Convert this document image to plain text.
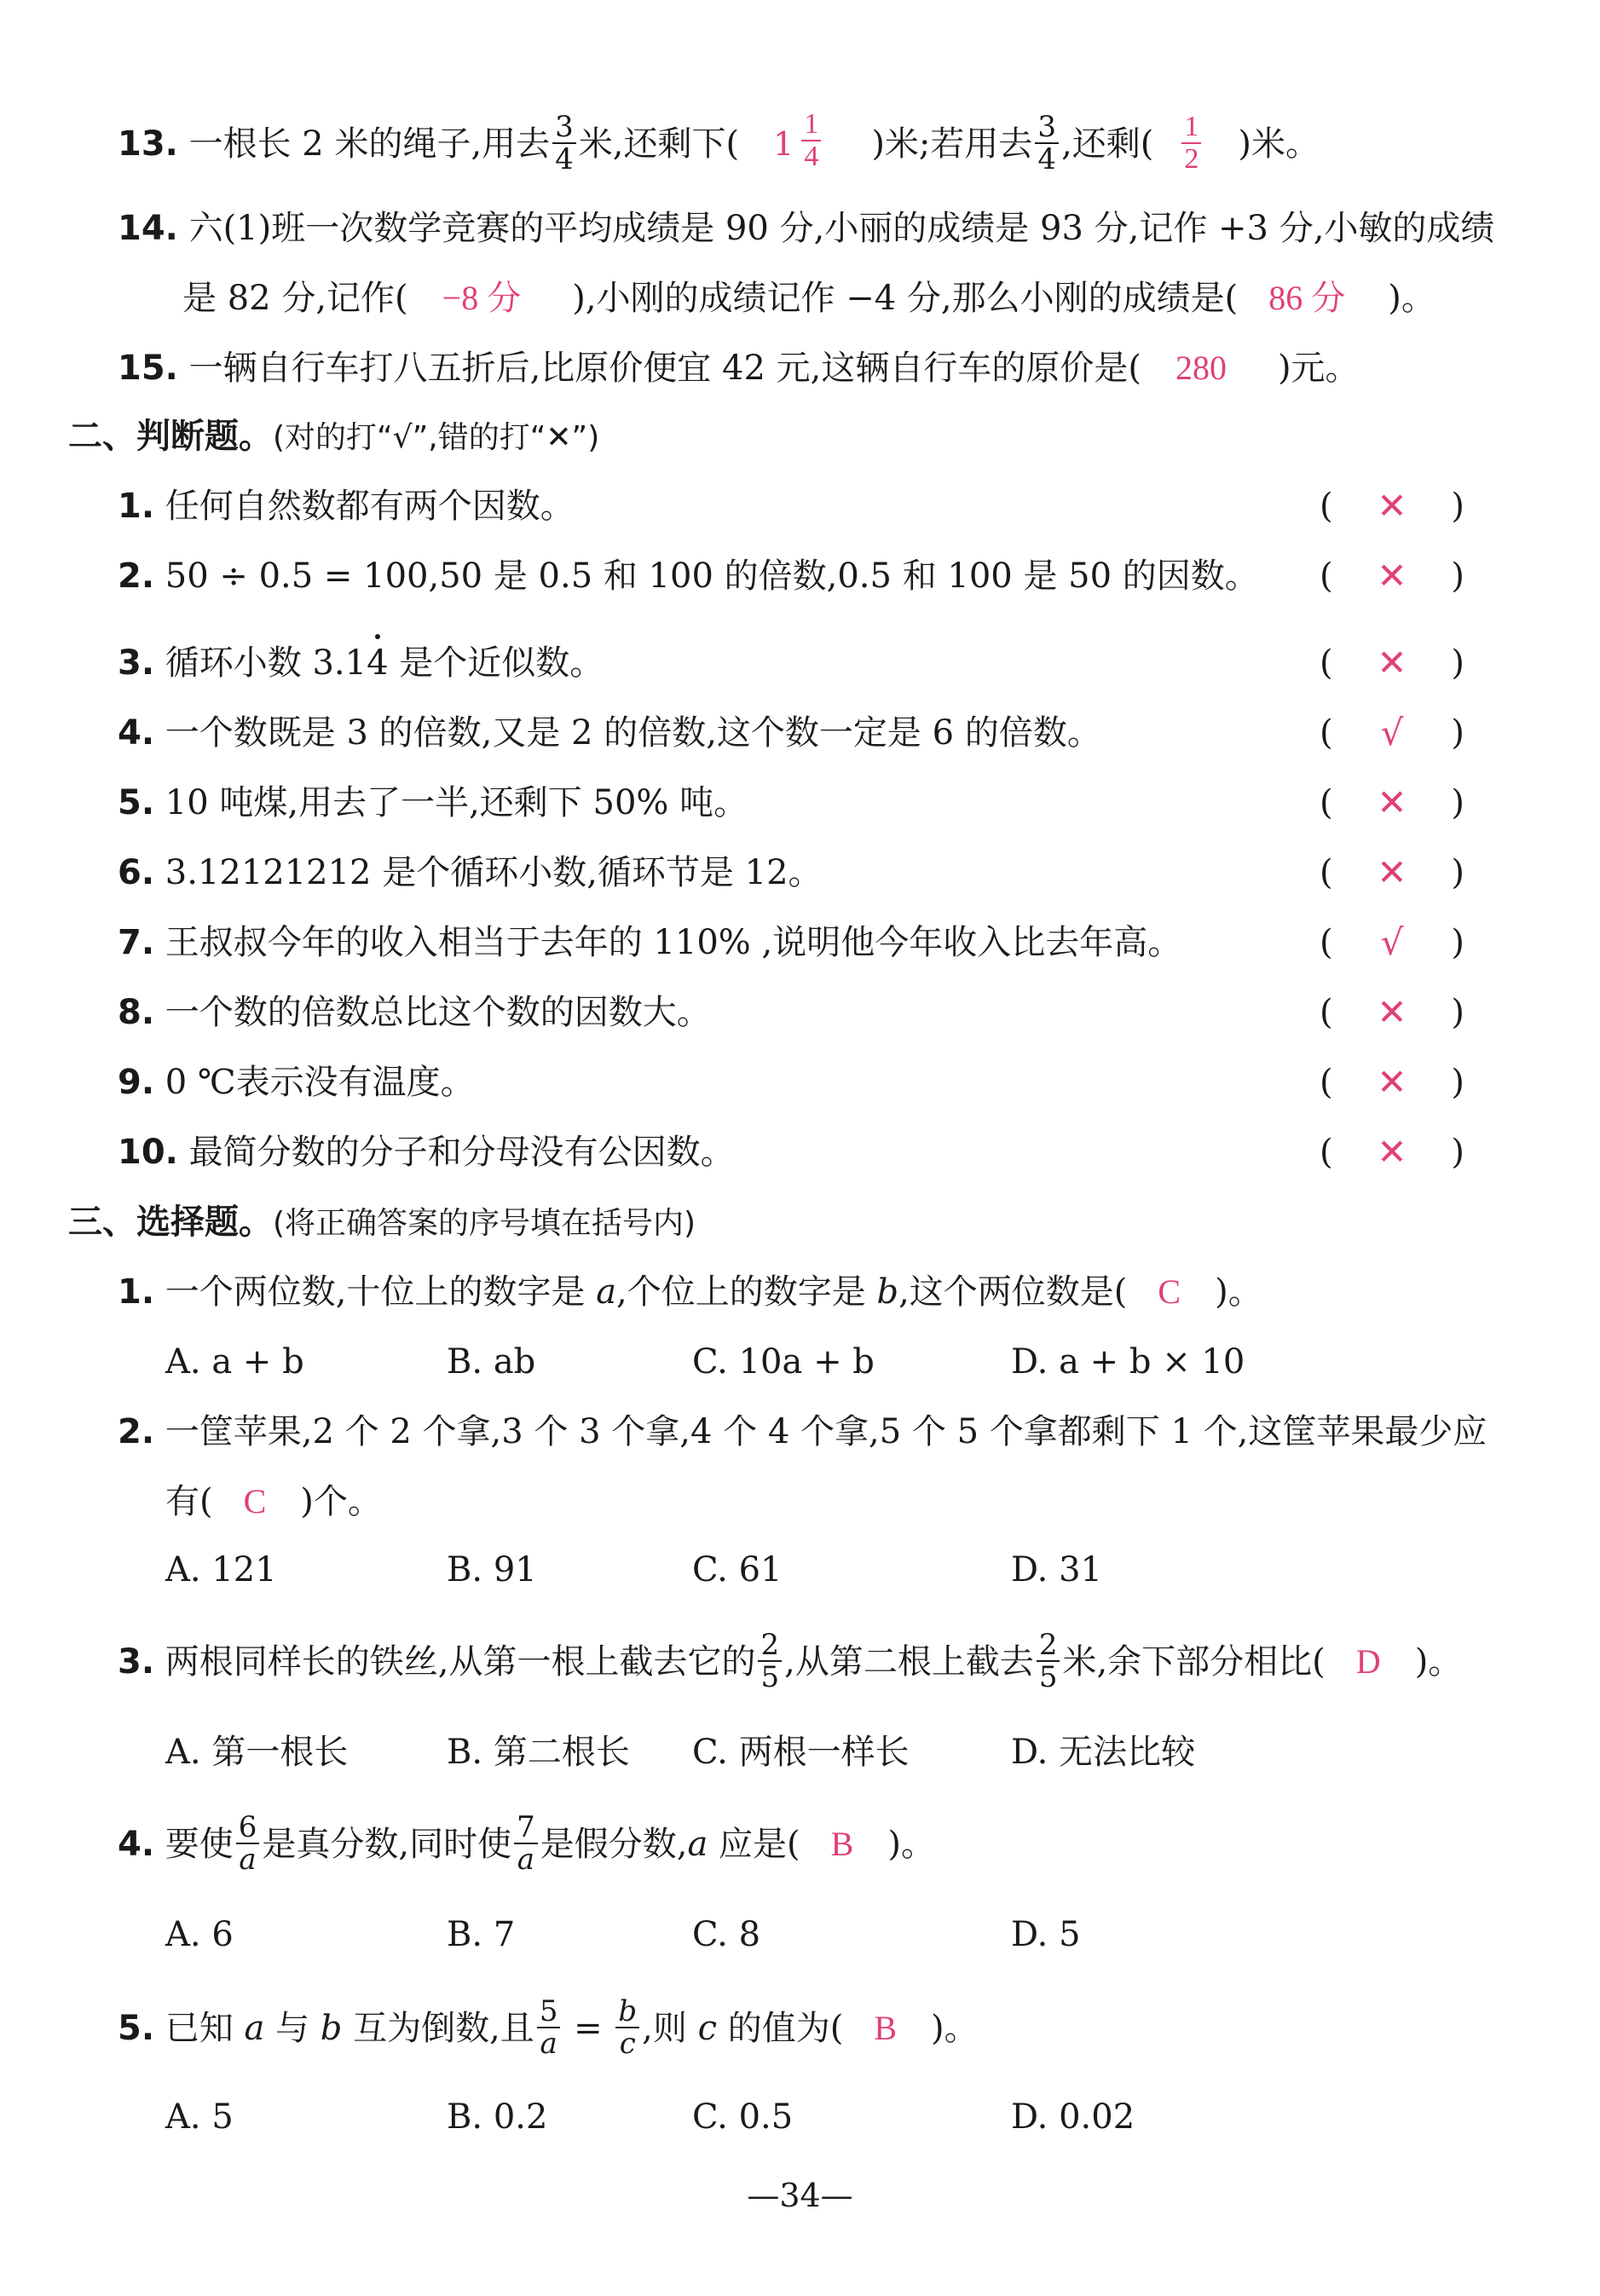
13. 一根长 2 米的绳子,用去 $\frac{3}{4}$ 米,还剩下( $1 \frac{1}{4}$ )米;若用去 $\frac{3}{4}$ ,还剩( $\frac{1}{2}$ )米。
14. 六(1)班一次数学竞赛的平均成绩是 90 分,小丽的成绩是 93 分,记作 +3 分,小敏的成绩
是 82 分,记作( −8 分 ),小刚的成绩记作 −4 分,那么小刚的成绩是( 86 分 )。
15. 一辆自行车打八五折后,比原价便宜 42 元,这辆自行车的原价是( 280 )元。
二、判断题。(对的打“√”,错的打“✕”)
1. 任何自然数都有两个因数。	(	✕	)
2. 50 ÷ 0.5 = 100,50 是 0.5 和 100 的倍数,0.5 和 100 是 50 的因数。 (	✕	)
3. 循环小数 3.14 是个近似数。	(	✕	)
4. 一个数既是 3 的倍数,又是 2 的倍数,这个数一定是 6 的倍数。	(	√	)
5. 10 吨煤,用去了一半,还剩下 50% 吨。	(	✕	)
6. 3.12121212 是个循环小数,循环节是 12。	(	✕	)
7. 王叔叔今年的收入相当于去年的 110% ,说明他今年收入比去年高。	(	√	)
8. 一个数的倍数总比这个数的因数大。	(	✕	)
9. 0 ℃表示没有温度。	(	✕	)
10. 最简分数的分子和分母没有公因数。	(	✕	)
三、选择题。(将正确答案的序号填在括号内)
1. 一个两位数,十位上的数字是 a,个位上的数字是 b,这个两位数是( C )。
A. a + b	B. ab	C. 10a + b	D. a + b × 10
2. 一筐苹果,2 个 2 个拿,3 个 3 个拿,4 个 4 个拿,5 个 5 个拿都剩下 1 个,这筐苹果最少应
有( C )个。
A. 121	B. 91	C. 61	D. 31
3. 两根同样长的铁丝,从第一根上截去它的 $\frac{2}{5}$ ,从第二根上截去 $\frac{2}{5}$ 米,余下部分相比( D )。
A. 第一根长	B. 第二根长 C. 两根一样长	D. 无法比较
4. 要使 $\frac{6}{a}$ 是真分数,同时使 $\frac{7}{a}$ 是假分数,a 应是( B )。
A. 6	B. 7	C. 8	D. 5
5. 已知 a 与 b 互为倒数,且 $\frac{5}{a} = \frac{b}{c}$ ,则 c 的值为( B )。
A. 5	B. 0.2	C. 0.5	D. 0.02
—34—
